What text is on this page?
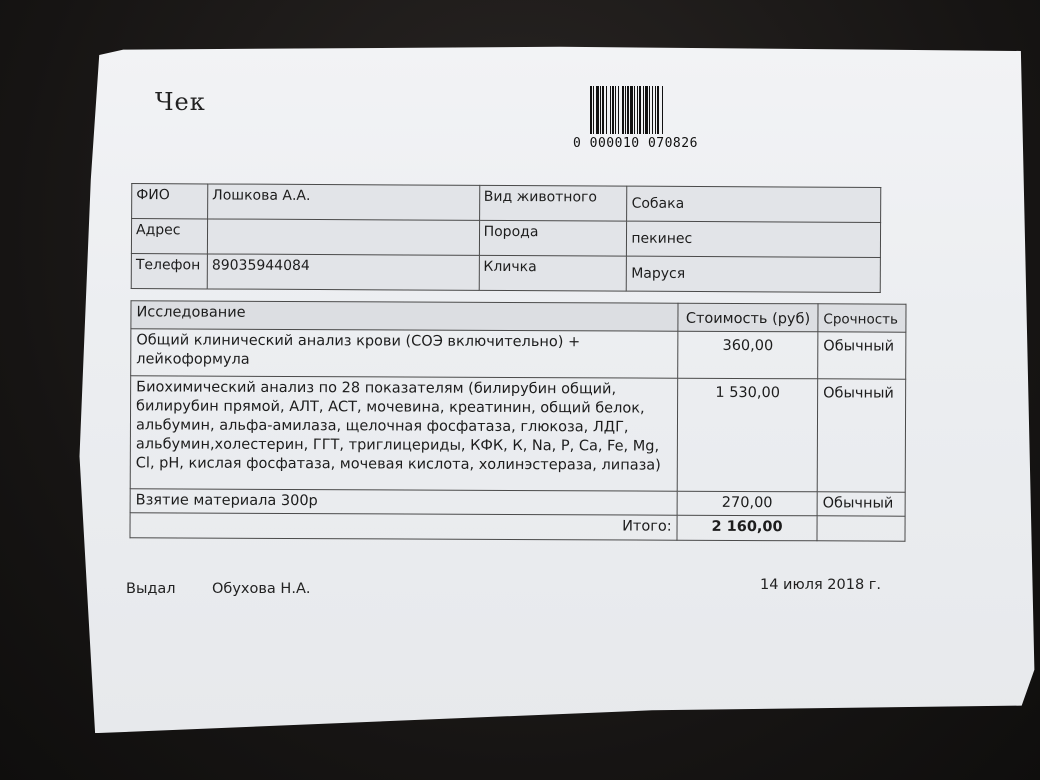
Чек
0 000010 070826
ФИО	Лошкова А.А.	Вид животного	Собака
Адрес		Порода	пекинес
Телефон	89035944084	Кличка	Маруся
Исследование	Стоимость (руб)	Срочность
Общий клинический анализ крови (СОЭ включительно) + лейкоформула	360,00	Обычный
Биохимический анализ по 28 показателям (билирубин общий, билирубин прямой, АЛТ, АСТ, мочевина, креатинин, общий белок, альбумин, альфа-амилаза, щелочная фосфатаза, глюкоза, ЛДГ, альбумин,холестерин, ГГТ, триглицериды, КФК, К, Na, P, Ca, Fe, Mg, Cl, pH, кислая фосфатаза, мочевая кислота, холинэстераза, липаза)	1 530,00	Обычный
Взятие материала 300р	270,00	Обычный
Итого:	2 160,00	
Выдал	Обухова Н.А.	14 июля 2018 г.
